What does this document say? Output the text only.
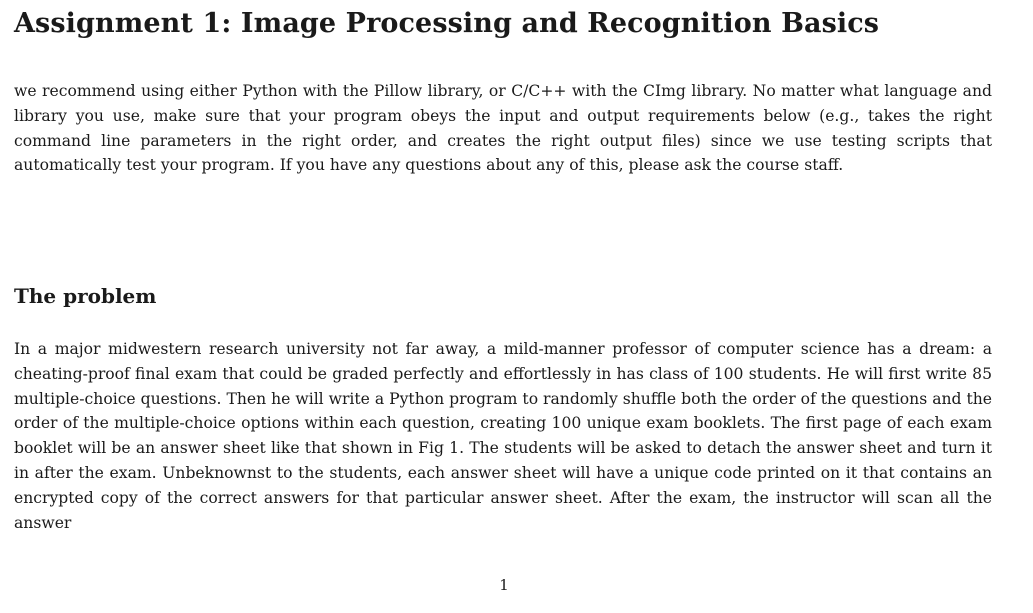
Assignment 1: Image Processing and Recognition Basics

we recommend using either Python with the Pillow library, or C/C++ with the CImg library. No matter what language and library you use, make sure that your program obeys the input and output requirements below (e.g., takes the right command line parameters in the right order, and creates the right output files) since we use testing scripts that automatically test your program. If you have any questions about any of this, please ask the course staff.

The problem

In a major midwestern research university not far away, a mild-manner professor of computer science has a dream: a cheating-proof final exam that could be graded perfectly and effortlessly in has class of 100 students. He will first write 85 multiple-choice questions. Then he will write a Python program to randomly shuffle both the order of the questions and the order of the multiple-choice options within each question, creating 100 unique exam booklets. The first page of each exam booklet will be an answer sheet like that shown in Fig 1. The students will be asked to detach the answer sheet and turn it in after the exam. Unbeknownst to the students, each answer sheet will have a unique code printed on it that contains an encrypted copy of the correct answers for that particular answer sheet. After the exam, the instructor will scan all the answer

1
